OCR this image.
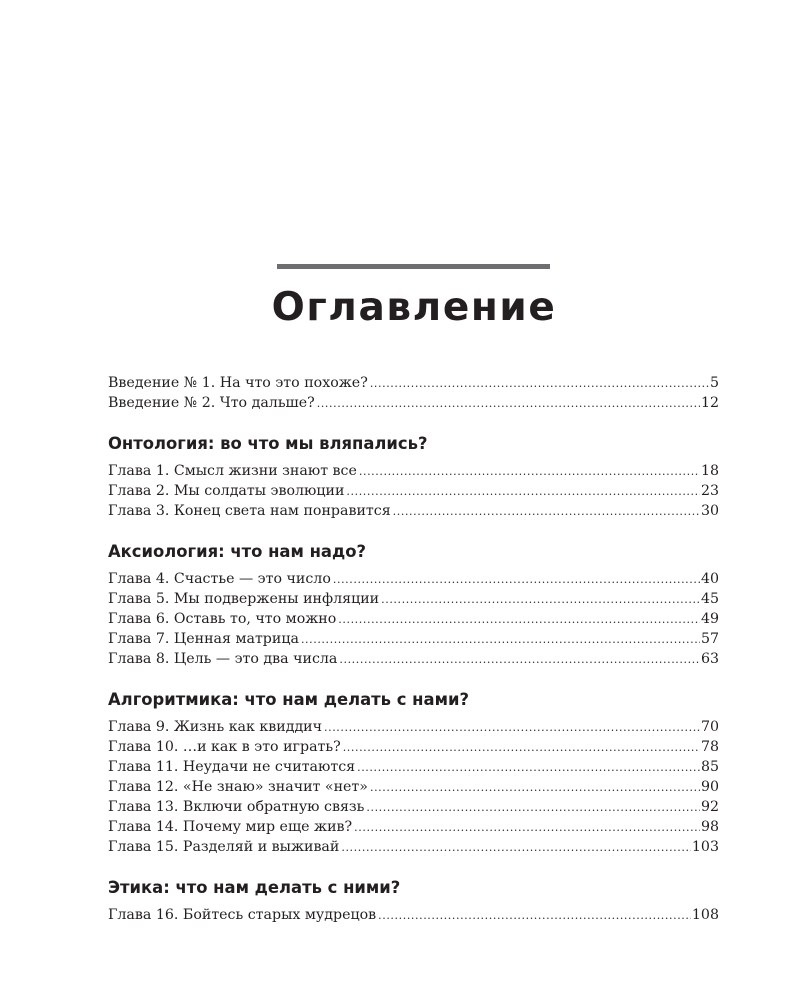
Оглавление
Введение № 1. На что это похоже? .....	5
Введение № 2. Что дальше? .....	12
Онтология: во что мы вляпались?
Глава 1. Смысл жизни знают все .....	18
Глава 2. Мы солдаты эволюции .....	23
Глава 3. Конец света нам понравится .....	30
Аксиология: что нам надо?
Глава 4. Счастье — это число .....	40
Глава 5. Мы подвержены инфляции .....	45
Глава 6. Оставь то, что можно .....	49
Глава 7. Ценная матрица .....	57
Глава 8. Цель — это два числа .....	63
Алгоритмика: что нам делать с нами?
Глава 9. Жизнь как квиддич .....	70
Глава 10. …и как в это играть? .....	78
Глава 11. Неудачи не считаются .....	85
Глава 12. «Не знаю» значит «нет» .....	90
Глава 13. Включи обратную связь .....	92
Глава 14. Почему мир еще жив? .....	98
Глава 15. Разделяй и выживай .....	103
Этика: что нам делать с ними?
Глава 16. Бойтесь старых мудрецов .....	108
